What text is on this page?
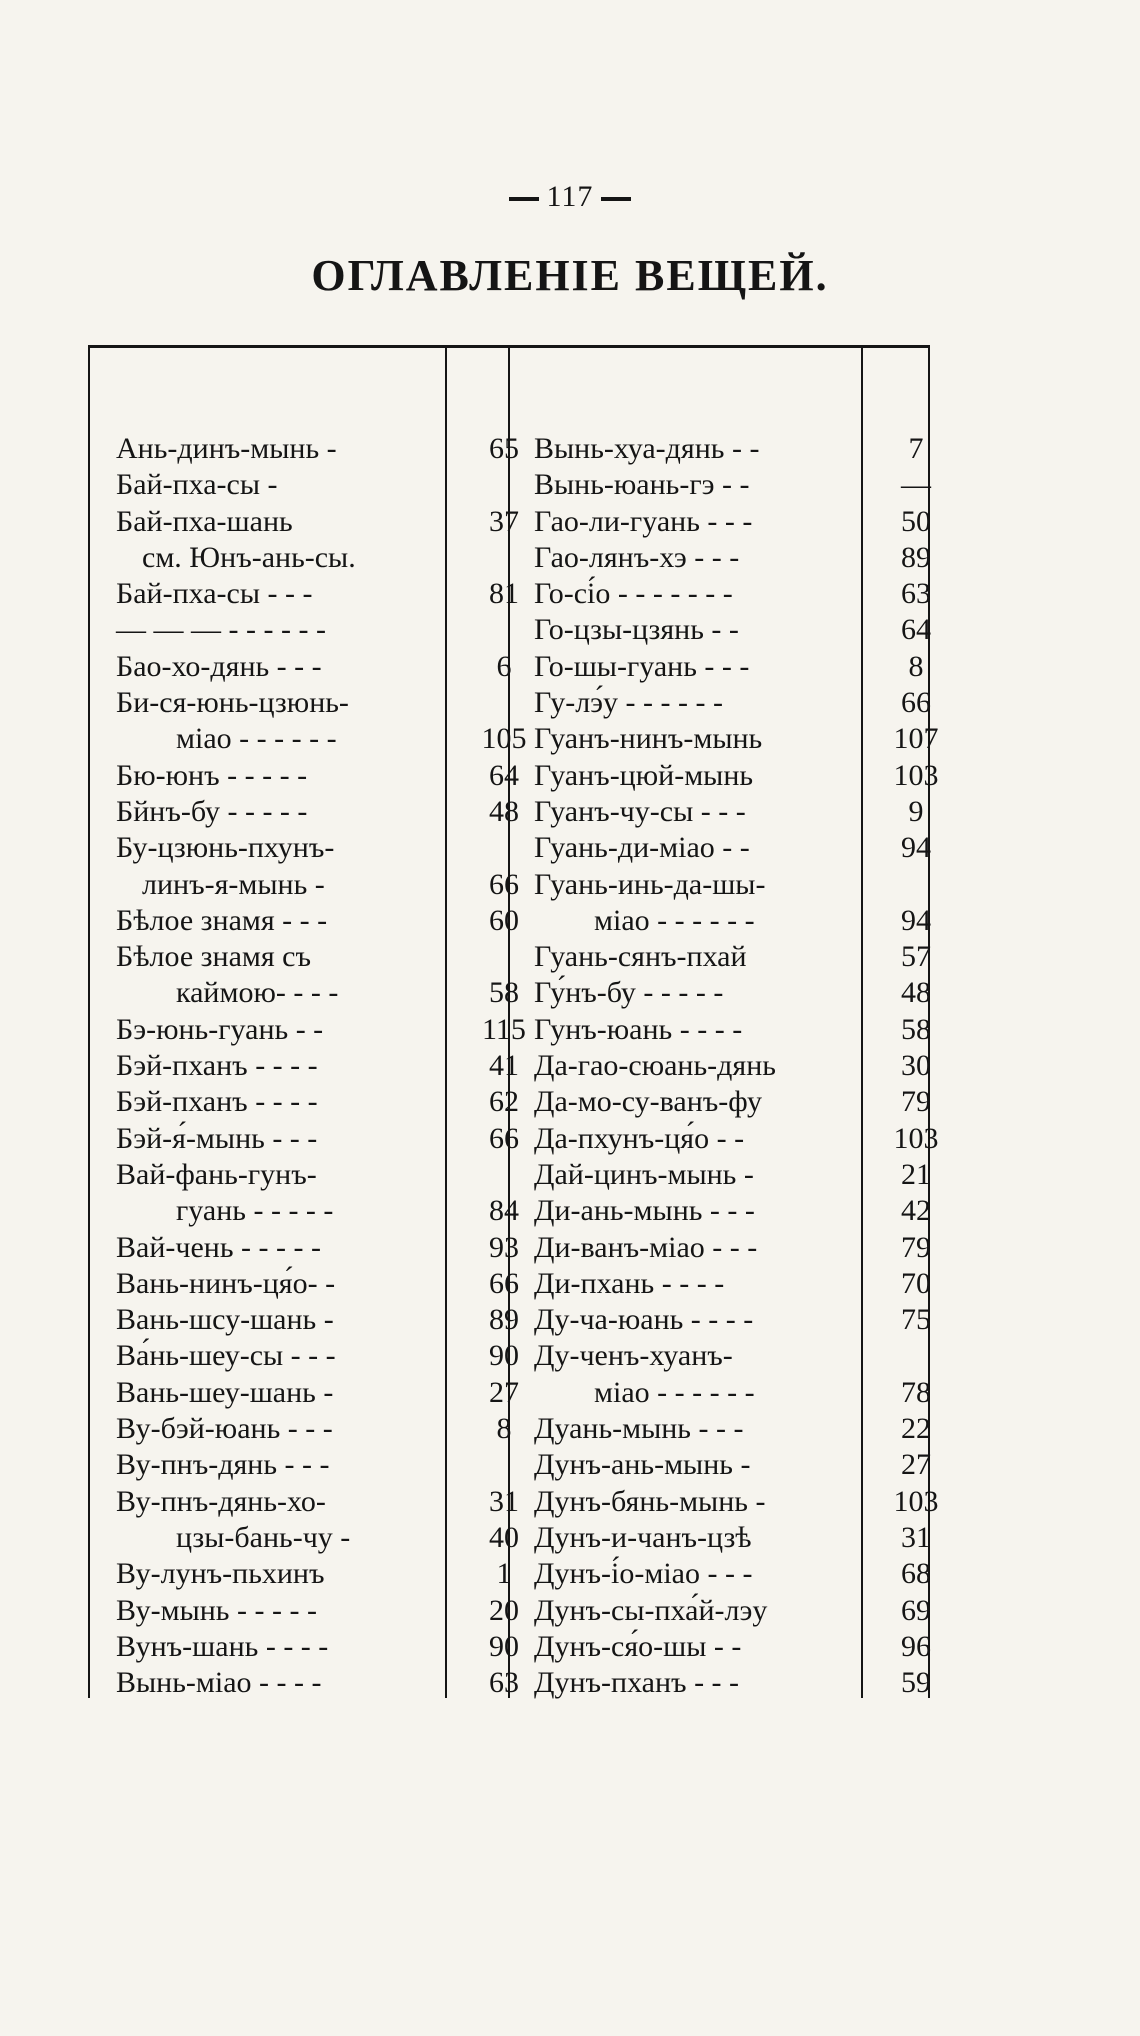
117
ОГЛАВЛЕНІЕ ВЕЩЕЙ.
Ань-динъ-мынь -	65
Бай-пха-сы -
Бай-пха-шань	37
см. Юнъ-ань-сы.
Бай-пха-сы - - -	81
— — — - - - - - -
Бао-хо-дянь - - -	6
Би-ся-юнь-цзюнь-
міао - - - - - -	105
Бю-юнъ - - - - -	64
Бйнъ-бу - - - - -	48
Бу-цзюнь-пхунъ-
линъ-я-мынь -	66
Бѣлое знамя - - -	60
Бѣлое знамя съ
каймою- - - -	58
Бэ-юнь-гуань - -	115
Бэй-пханъ - - - -	41
Бэй-пханъ - - - -	62
Бэй-я́-мынь - - -	66
Вай-фань-гунъ-
гуань - - - - -	84
Вай-чень - - - - -	93
Вань-нинъ-ця́о- -	66
Вань-шсу-шань -	89
Ва́нь-шеу-сы - - -	90
Вань-шеу-шань -	27
Ву-бэй-юань - - -	8
Ву-пнъ-дянь - - -
Ву-пнъ-дянь-хо-	31
цзы-бань-чу -	40
Ву-лунъ-пьхинъ	1
Ву-мынь - - - - -	20
Вунъ-шань - - - -	90
Вынь-міао - - - -	63
Вынь-хуа-дянь - -	7
Вынь-юань-гэ - -	—
Гао-ли-гуань - - -	50
Гао-лянъ-хэ - - -	89
Го-сі́о - - - - - - -	63
Го-цзы-цзянь - -	64
Го-шы-гуань - - -	8
Гу-лэ́у - - - - - -	66
Гуанъ-нинъ-мынь	107
Гуанъ-цюй-мынь	103
Гуанъ-чу-сы - - -	9
Гуань-ди-міао - -	94
Гуань-инь-да-шы-
міао - - - - - -	94
Гуань-сянъ-пхай	57
Гу́нъ-бу - - - - -	48
Гунъ-юань - - - -	58
Да-гао-сюань-дянь	30
Да-мо-су-ванъ-фу	79
Да-пхунъ-ця́о - -	103
Дай-цинъ-мынь -	21
Ди-ань-мынь - - -	42
Ди-ванъ-міао - - -	79
Ди-пхань - - - -	70
Ду-ча-юань - - - -	75
Ду-ченъ-хуанъ-
міао - - - - - -	78
Дуань-мынь - - -	22
Дунъ-ань-мынь -	27
Дунъ-бянь-мынь -	103
Дунъ-и-чанъ-цзѣ	31
Дунъ-і́о-міао - - -	68
Дунъ-сы-пха́й-лэу	69
Дунъ-ся́о-шы - -	96
Дунъ-пханъ - - -	59
